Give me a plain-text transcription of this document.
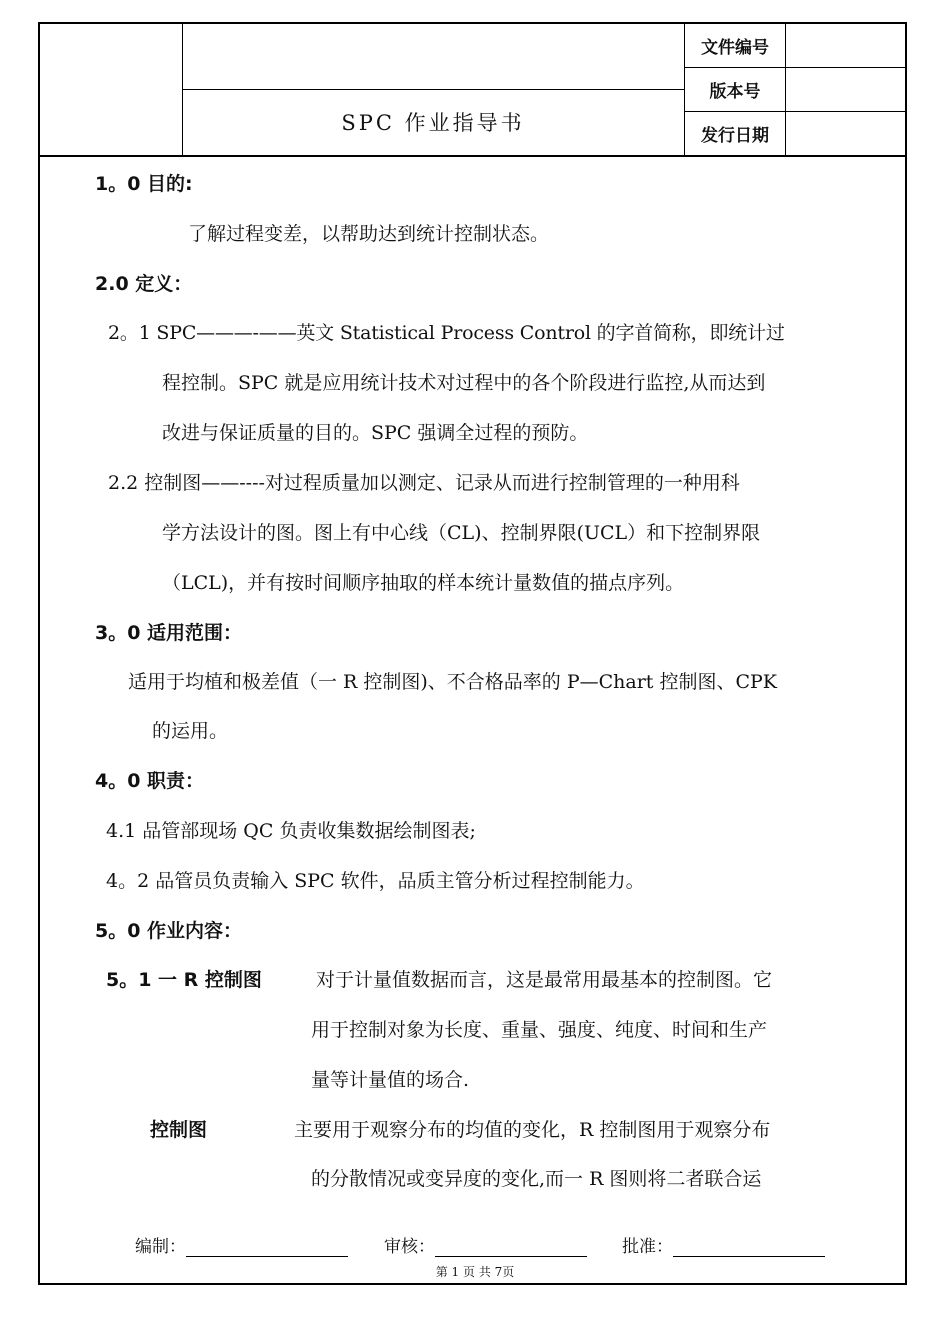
SPC 作业指导书
文件编号
版本号
发行日期
1。0 目的:
了解过程变差，以帮助达到统计控制状态。
2.0 定义：
2。1 SPC———-——英文 Statistical Process Control 的字首简称，即统计过
程控制。SPC 就是应用统计技术对过程中的各个阶段进行监控,从而达到
改进与保证质量的目的。SPC 强调全过程的预防。
2.2 控制图——----对过程质量加以测定、记录从而进行控制管理的一种用科
学方法设计的图。图上有中心线（CL)、控制界限(UCL）和下控制界限
（LCL)，并有按时间顺序抽取的样本统计量数值的描点序列。
3。0 适用范围：
适用于均植和极差值（一 R 控制图)、不合格品率的 P—Chart 控制图、CPK
的运用。
4。0 职责：
4.1 品管部现场 QC 负责收集数据绘制图表;
4。2 品管员负责输入 SPC 软件，品质主管分析过程控制能力。
5。0 作业内容：
5。1 一 R 控制图	对于计量值数据而言，这是最常用最基本的控制图。它
用于控制对象为长度、重量、强度、纯度、时间和生产
量等计量值的场合.
控制图	主要用于观察分布的均值的变化，R 控制图用于观察分布
的分散情况或变异度的变化,而一 R 图则将二者联合运
编制：	审核：	批准：
第 1 页 共 7页
